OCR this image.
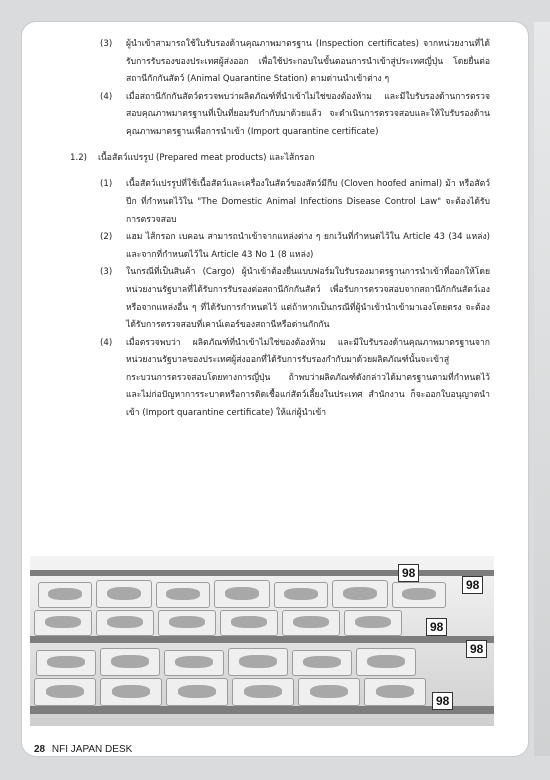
(3) ผู้นำเข้าสามารถใช้ใบรับรองด้านคุณภาพมาตรฐาน (Inspection certificates) จากหน่วยงานที่ได้รับการรับรองของประเทศผู้ส่งออก เพื่อใช้ประกอบในขั้นตอนการนำเข้าสู่ประเทศญี่ปุ่น โดยยื่นต่อสถานีกักกันสัตว์ (Animal Quarantine Station) ตามด่านนำเข้าต่าง ๆ

(4) เมื่อสถานีกักกันสัตว์ตรวจพบว่าผลิตภัณฑ์ที่นำเข้าไม่ใช่ของต้องห้าม และมีใบรับรองด้านการตรวจสอบคุณภาพมาตรฐานที่เป็นที่ยอมรับกำกับมาด้วยแล้ว จะดำเนินการตรวจสอบและให้ใบรับรองด้านคุณภาพมาตรฐานเพื่อการนำเข้า (Import quarantine certificate)

1.2) เนื้อสัตว์แปรรูป (Prepared meat products) และไส้กรอก

(1) เนื้อสัตว์แปรรูปที่ใช้เนื้อสัตว์และเครื่องในสัตว์ของสัตว์มีกีบ (Cloven hoofed animal) ม้า หรือสัตว์ปีก ที่กำหนดไว้ใน "The Domestic Animal Infections Disease Control Law" จะต้องได้รับการตรวจสอบ

(2) แฮม ไส้กรอก เบคอน สามารถนำเข้าจากแหล่งต่าง ๆ ยกเว้นที่กำหนดไว้ใน Article 43 (34 แหล่ง) และจากที่กำหนดไว้ใน Article 43 No 1 (8 แหล่ง)

(3) ในกรณีที่เป็นสินค้า (Cargo) ผู้นำเข้าต้องยื่นแบบฟอร์มใบรับรองมาตรฐานการนำเข้าที่ออกให้โดยหน่วยงานรัฐบาลที่ได้รับการรับรองต่อสถานีกักกันสัตว์ เพื่อรับการตรวจสอบจากสถานีกักกันสัตว์เองหรือจากแหล่งอื่น ๆ ที่ได้รับการกำหนดไว้ แต่ถ้าหากเป็นกรณีที่ผู้นำเข้านำเข้ามาเองโดยตรง จะต้องได้รับการตรวจสอบที่เคาน์เตอร์ของสถานีหรือด่านกักกัน

(4) เมื่อตรวจพบว่า ผลิตภัณฑ์ที่นำเข้าไม่ใช่ของต้องห้าม และมีใบรับรองด้านคุณภาพมาตรฐานจากหน่วยงานรัฐบาลของประเทศผู้ส่งออกที่ได้รับการรับรองกำกับมาด้วยผลิตภัณฑ์นั้นจะเข้าสู่กระบวนการตรวจสอบโดยทางการญี่ปุ่น ถ้าพบว่าผลิตภัณฑ์ดังกล่าวได้มาตรฐานตามที่กำหนดไว้ และไม่ก่อปัญหาการระบาดหรือการติดเชื้อแก่สัตว์เลี้ยงในประเทศ สำนักงาน ก็จะออกใบอนุญาตนำเข้า (Import quarantine certificate) ให้แก่ผู้นำเข้า

98
98
98
98
98
28 NFI JAPAN DESK
